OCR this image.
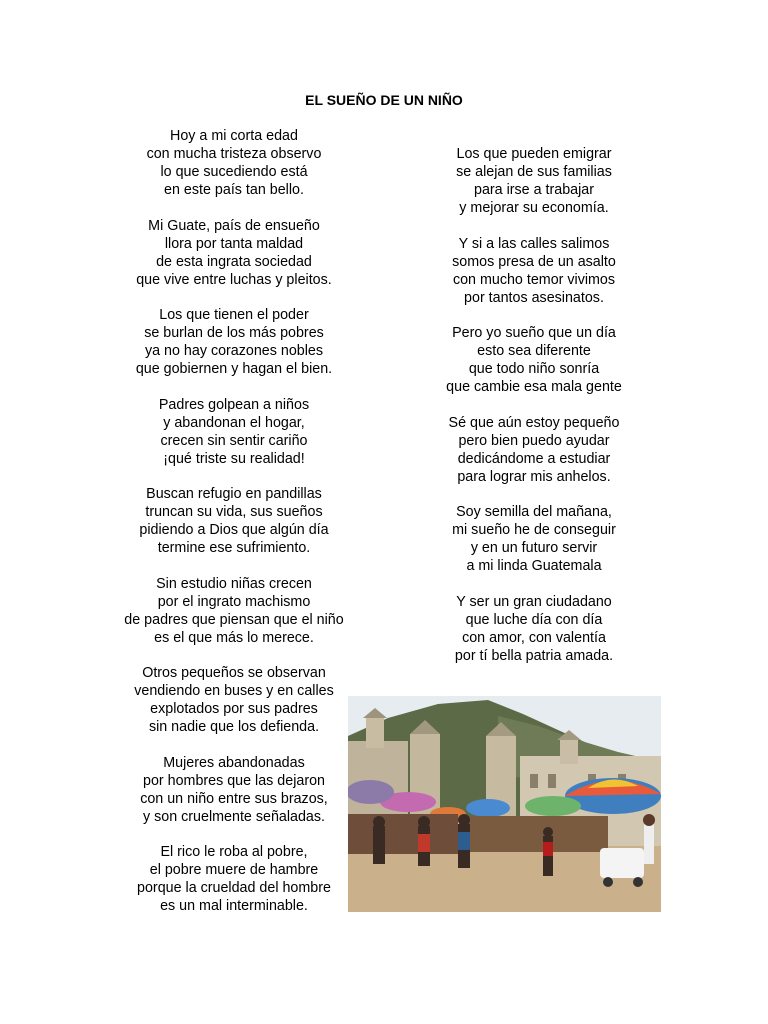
EL SUEÑO DE UN NIÑO
Hoy a mi corta edad
con mucha tristeza observo
lo que sucediendo está
en este país tan bello.
Mi Guate, país de ensueño
llora por tanta maldad
de esta ingrata sociedad
que vive entre luchas y pleitos.
Los que tienen el poder
se burlan de los más pobres
ya no hay corazones nobles
que gobiernen y hagan el bien.
Padres golpean a niños
y abandonan el hogar,
crecen sin sentir cariño
¡qué triste su realidad!
Buscan refugio en pandillas
truncan su vida, sus sueños
pidiendo a Dios que algún día
termine ese sufrimiento.
Sin estudio niñas crecen
por el ingrato machismo
de padres que piensan que el niño
es el que más lo merece.
Otros pequeños se observan
vendiendo en buses y en calles
explotados por sus padres
sin nadie que los defienda.
Mujeres abandonadas
por hombres que las dejaron
con un niño entre sus brazos,
y son cruelmente señaladas.
El rico le roba al pobre,
el pobre muere de hambre
porque la crueldad del hombre
es un mal interminable.
Los que pueden emigrar
se alejan de sus familias
para irse a trabajar
y mejorar su economía.
Y si a las calles salimos
somos presa de un asalto
con mucho temor vivimos
por tantos asesinatos.
Pero yo sueño que un día
esto sea diferente
que todo niño sonría
que cambie esa mala gente
Sé que aún estoy pequeño
pero bien puedo ayudar
dedicándome a estudiar
para lograr mis anhelos.
Soy semilla del mañana,
mi sueño he de conseguir
y en un futuro servir
a mi linda Guatemala
Y ser un gran ciudadano
que luche día con día
con amor, con valentía
por tí bella patria amada.
